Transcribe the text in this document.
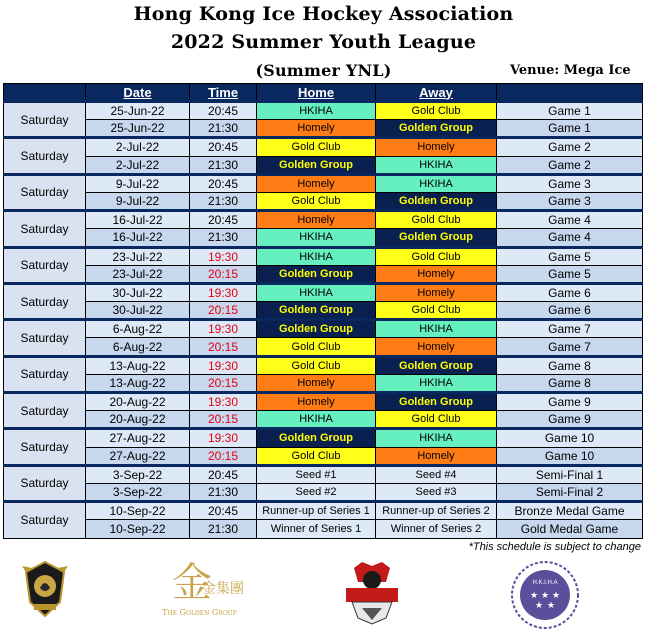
Hong Kong Ice Hockey Association
2022 Summer Youth League
(Summer YNL)	Venue: Mega Ice
	Date	Time	Home	Away	
Saturday	25-Jun-22	20:45	HKIHA	Gold Club	Game 1
	25-Jun-22	21:30	Homely	Golden Group	Game 1
Saturday	2-Jul-22	20:45	Gold Club	Homely	Game 2
	2-Jul-22	21:30	Golden Group	HKIHA	Game 2
Saturday	9-Jul-22	20:45	Homely	HKIHA	Game 3
	9-Jul-22	21:30	Gold Club	Golden Group	Game 3
Saturday	16-Jul-22	20:45	Homely	Gold Club	Game 4
	16-Jul-22	21:30	HKIHA	Golden Group	Game 4
Saturday	23-Jul-22	19:30	HKIHA	Gold Club	Game 5
	23-Jul-22	20:15	Golden Group	Homely	Game 5
Saturday	30-Jul-22	19:30	HKIHA	Homely	Game 6
	30-Jul-22	20:15	Golden Group	Gold Club	Game 6
Saturday	6-Aug-22	19:30	Golden Group	HKIHA	Game 7
	6-Aug-22	20:15	Gold Club	Homely	Game 7
Saturday	13-Aug-22	19:30	Gold Club	Golden Group	Game 8
	13-Aug-22	20:15	Homely	HKIHA	Game 8
Saturday	20-Aug-22	19:30	Homely	Golden Group	Game 9
	20-Aug-22	20:15	HKIHA	Gold Club	Game 9
Saturday	27-Aug-22	19:30	Golden Group	HKIHA	Game 10
	27-Aug-22	20:15	Gold Club	Homely	Game 10
Saturday	3-Sep-22	20:45	Seed #1	Seed #4	Semi-Final 1
	3-Sep-22	21:30	Seed #2	Seed #3	Semi-Final 2
Saturday	10-Sep-22	20:45	Runner-up of Series 1	Runner-up of Series 2	Bronze Medal Game
	10-Sep-22	21:30	Winner of Series 1	Winner of Series 2	Gold Medal Game
*This schedule is subject to change
金
金集團
The Golden Group
H.K.I.H.A
★ ★ ★
★ ★
